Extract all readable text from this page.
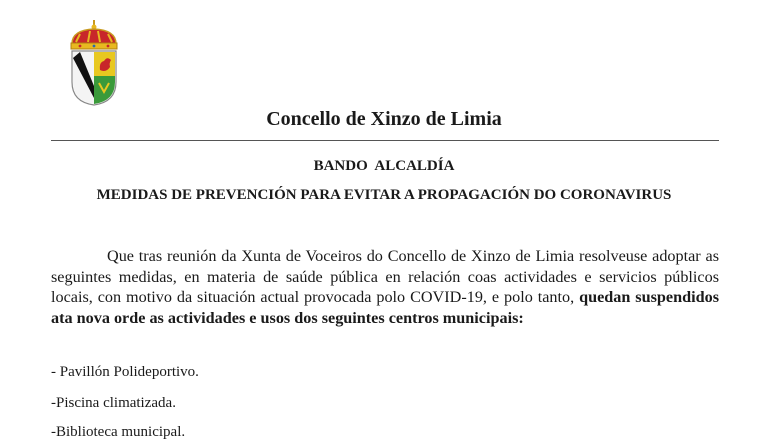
Concello de Xinzo de Limia
BANDO  ALCALDÍA
MEDIDAS DE PREVENCIÓN PARA EVITAR A PROPAGACIÓN DO CORONAVIRUS
Que tras reunión da Xunta de Voceiros do Concello de Xinzo de Limia resolveuse adoptar as seguintes medidas, en materia de saúde pública en relación coas actividades e servicios públicos locais, con motivo da situación actual provocada polo COVID-19, e polo tanto, quedan suspendidos ata nova orde as actividades e usos dos seguintes centros municipais:
- Pavillón Polideportivo.
-Piscina climatizada.
-Biblioteca municipal.
